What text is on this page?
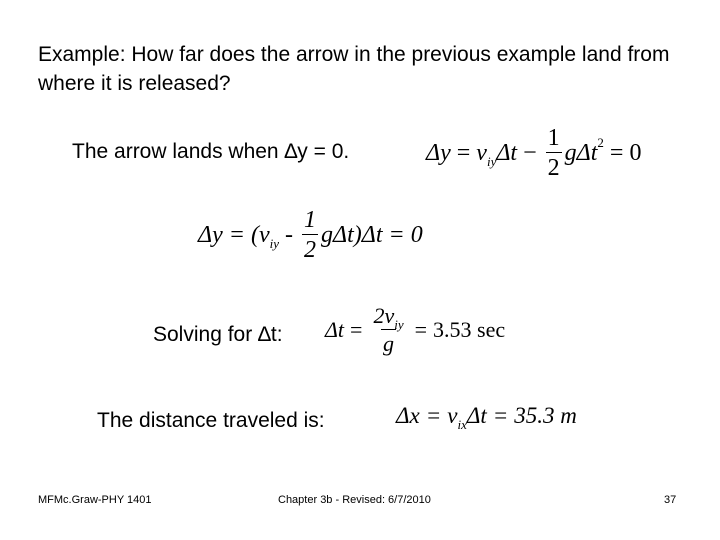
Example: How far does the arrow in the previous example land from where it is released?
The arrow lands when ∆y = 0.	Δy = v iy $\Delta t - \frac{1}{2}$ gΔt 2 = 0
Δy = ( v iy - $\frac{1}{2} g\Delta t)\Delta t = 0$
Solving for ∆t: $\Delta t = \frac{2v_{iy}}{g} = 3.53$ sec
The distance traveled is:	Δx = v ix Δt = 35.3 m
MFMc.Graw-PHY 1401	Chapter 3b - Revised: 6/7/2010	37
